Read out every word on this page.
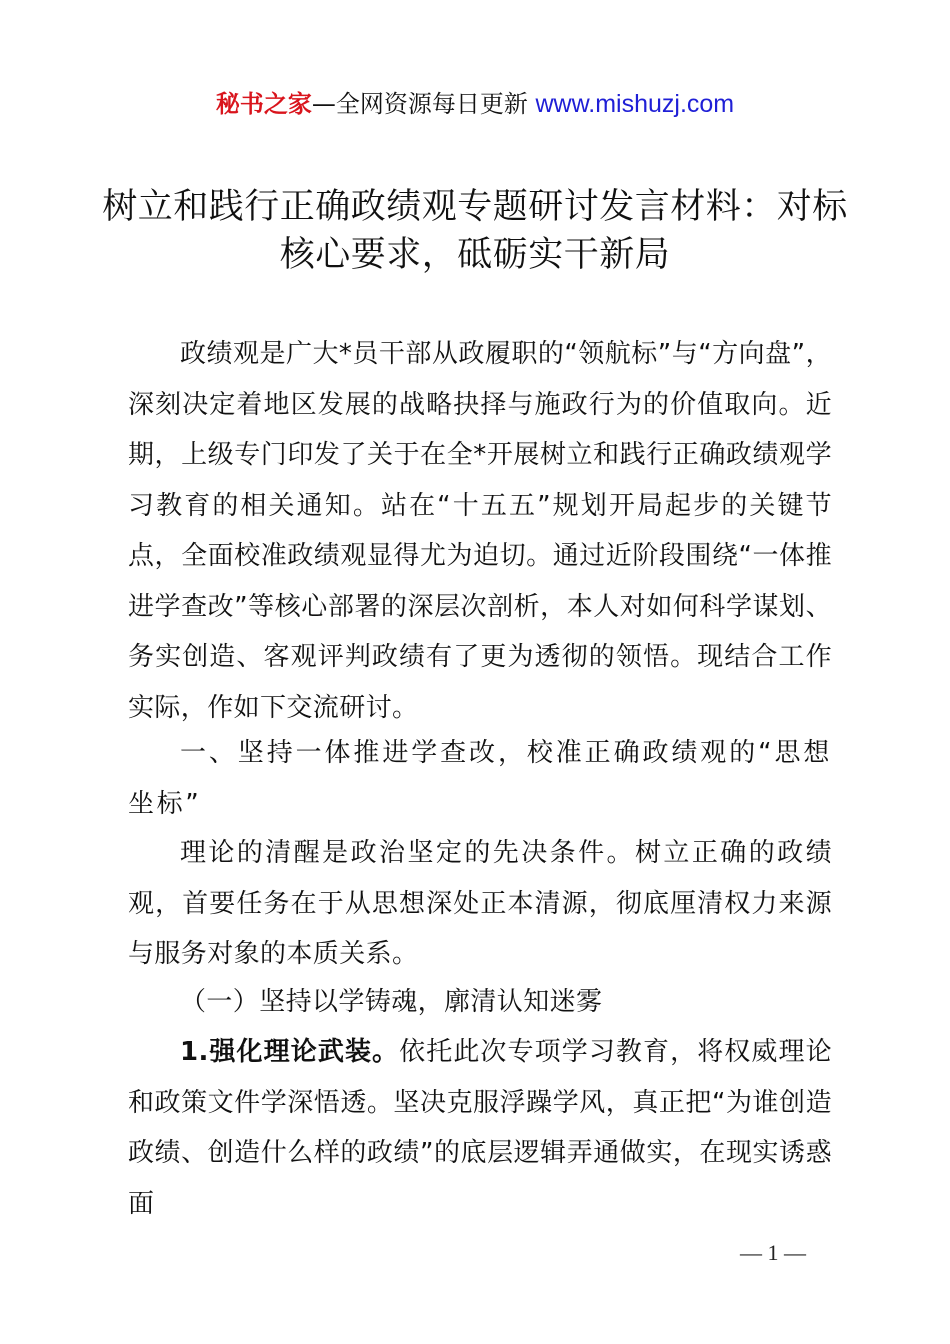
秘书之家—全网资源每日更新 www.mishuzj.com
树立和践行正确政绩观专题研讨发言材料：对标核心要求，砥砺实干新局

政绩观是广大*员干部从政履职的“领航标”与“方向盘”，深刻决定着地区发展的战略抉择与施政行为的价值取向。近期，上级专门印发了关于在全*开展树立和践行正确政绩观学习教育的相关通知。站在“十五五”规划开局起步的关键节点，全面校准政绩观显得尤为迫切。通过近阶段围绕“一体推进学查改”等核心部署的深层次剖析，本人对如何科学谋划、务实创造、客观评判政绩有了更为透彻的领悟。现结合工作实际，作如下交流研讨。

一、坚持一体推进学查改，校准正确政绩观的“思想坐标”

理论的清醒是政治坚定的先决条件。树立正确的政绩观，首要任务在于从思想深处正本清源，彻底厘清权力来源与服务对象的本质关系。

（一）坚持以学铸魂，廓清认知迷雾

1.强化理论武装。依托此次专项学习教育，将权威理论和政策文件学深悟透。坚决克服浮躁学风，真正把“为谁创造政绩、创造什么样的政绩”的底层逻辑弄通做实，在现实诱惑面

— 1 —
